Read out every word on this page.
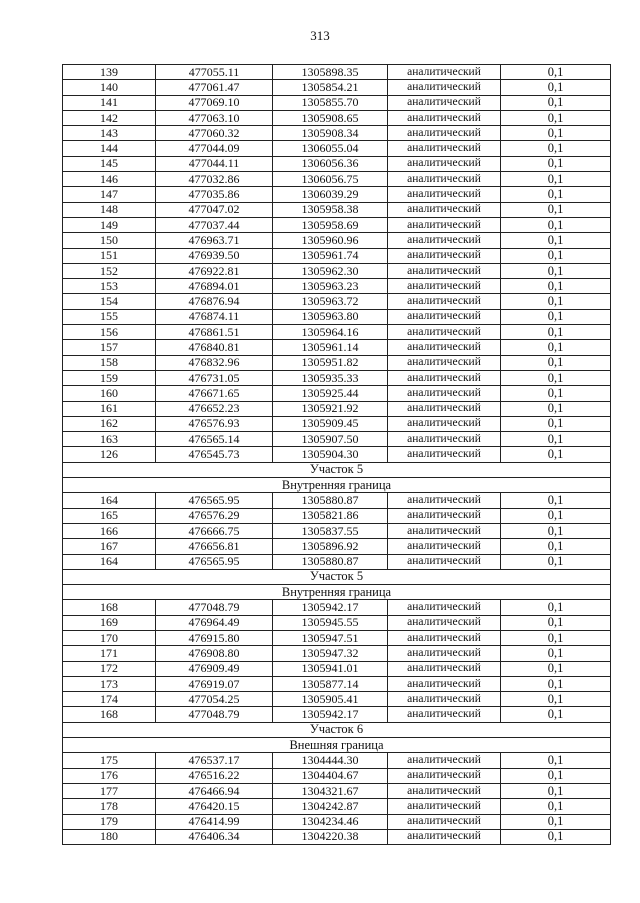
313
139	477055.11	1305898.35	аналитический	0,1
140	477061.47	1305854.21	аналитический	0,1
141	477069.10	1305855.70	аналитический	0,1
142	477063.10	1305908.65	аналитический	0,1
143	477060.32	1305908.34	аналитический	0,1
144	477044.09	1306055.04	аналитический	0,1
145	477044.11	1306056.36	аналитический	0,1
146	477032.86	1306056.75	аналитический	0,1
147	477035.86	1306039.29	аналитический	0,1
148	477047.02	1305958.38	аналитический	0,1
149	477037.44	1305958.69	аналитический	0,1
150	476963.71	1305960.96	аналитический	0,1
151	476939.50	1305961.74	аналитический	0,1
152	476922.81	1305962.30	аналитический	0,1
153	476894.01	1305963.23	аналитический	0,1
154	476876.94	1305963.72	аналитический	0,1
155	476874.11	1305963.80	аналитический	0,1
156	476861.51	1305964.16	аналитический	0,1
157	476840.81	1305961.14	аналитический	0,1
158	476832.96	1305951.82	аналитический	0,1
159	476731.05	1305935.33	аналитический	0,1
160	476671.65	1305925.44	аналитический	0,1
161	476652.23	1305921.92	аналитический	0,1
162	476576.93	1305909.45	аналитический	0,1
163	476565.14	1305907.50	аналитический	0,1
126	476545.73	1305904.30	аналитический	0,1
Участок 5				
Внутренняя граница				
164	476565.95	1305880.87	аналитический	0,1
165	476576.29	1305821.86	аналитический	0,1
166	476666.75	1305837.55	аналитический	0,1
167	476656.81	1305896.92	аналитический	0,1
164	476565.95	1305880.87	аналитический	0,1
Участок 5				
Внутренняя граница				
168	477048.79	1305942.17	аналитический	0,1
169	476964.49	1305945.55	аналитический	0,1
170	476915.80	1305947.51	аналитический	0,1
171	476908.80	1305947.32	аналитический	0,1
172	476909.49	1305941.01	аналитический	0,1
173	476919.07	1305877.14	аналитический	0,1
174	477054.25	1305905.41	аналитический	0,1
168	477048.79	1305942.17	аналитический	0,1
Участок 6				
Внешняя граница				
175	476537.17	1304444.30	аналитический	0,1
176	476516.22	1304404.67	аналитический	0,1
177	476466.94	1304321.67	аналитический	0,1
178	476420.15	1304242.87	аналитический	0,1
179	476414.99	1304234.46	аналитический	0,1
180	476406.34	1304220.38	аналитический	0,1
